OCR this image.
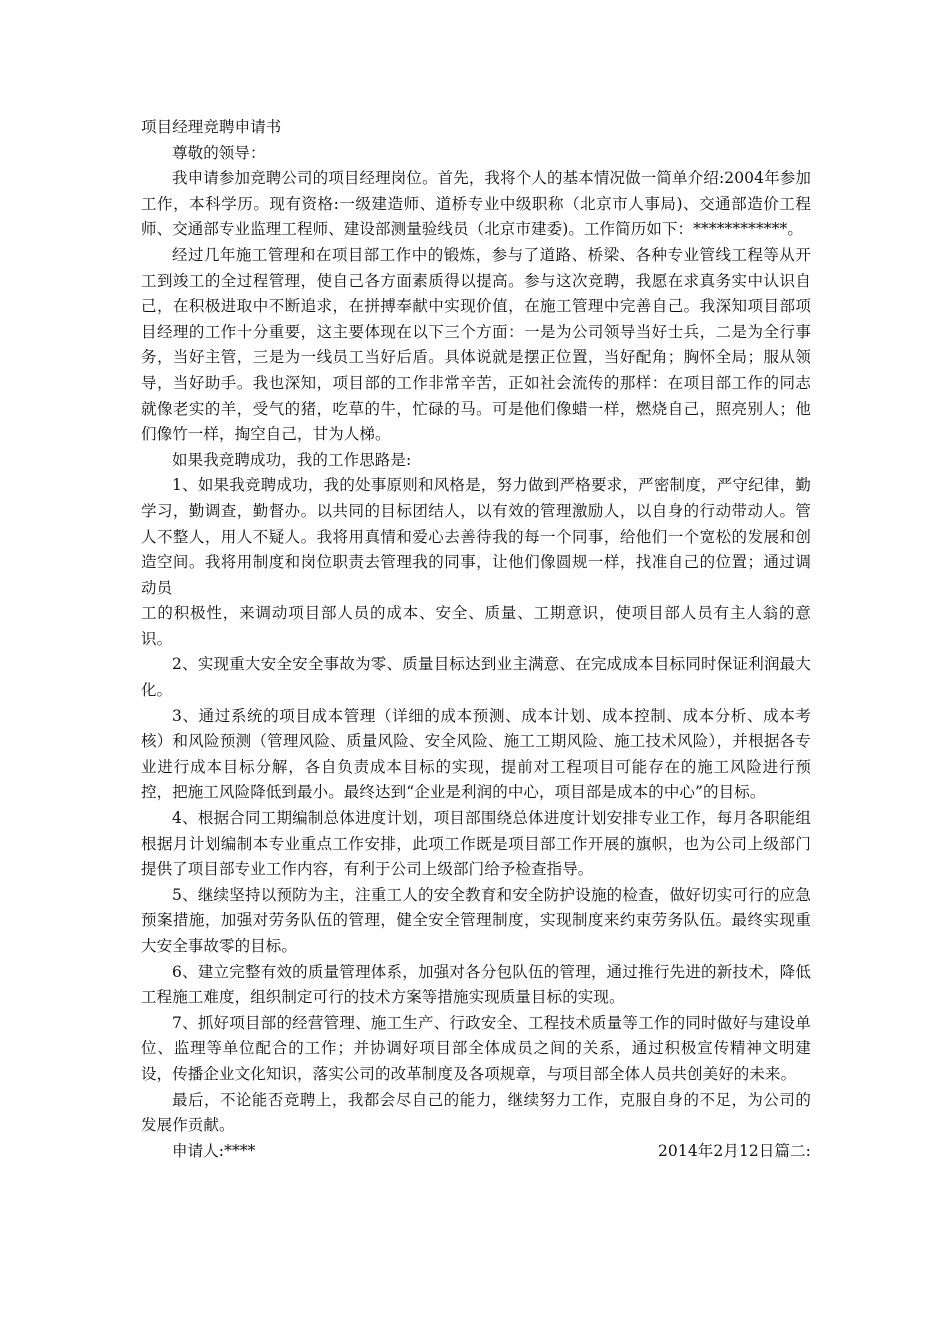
项目经理竞聘申请书
尊敬的领导：
我申请参加竞聘公司的项目经理岗位。首先，我将个人的基本情况做一简单介绍:2004年参加工作，本科学历。现有资格:一级建造师、道桥专业中级职称（北京市人事局)、交通部造价工程师、交通部专业监理工程师、建设部测量验线员（北京市建委)。工作简历如下：************。
经过几年施工管理和在项目部工作中的锻炼，参与了道路、桥梁、各种专业管线工程等从开工到竣工的全过程管理，使自己各方面素质得以提高。参与这次竞聘，我愿在求真务实中认识自己，在积极进取中不断追求，在拼搏奉献中实现价值，在施工管理中完善自己。我深知项目部项目经理的工作十分重要，这主要体现在以下三个方面：一是为公司领导当好士兵，二是为全行事务，当好主管，三是为一线员工当好后盾。具体说就是摆正位置，当好配角；胸怀全局；服从领导，当好助手。我也深知，项目部的工作非常辛苦，正如社会流传的那样：在项目部工作的同志就像老实的羊，受气的猪，吃草的牛，忙碌的马。可是他们像蜡一样，燃烧自己，照亮别人；他们像竹一样，掏空自己，甘为人梯。
如果我竞聘成功，我的工作思路是:
1、如果我竞聘成功，我的处事原则和风格是，努力做到严格要求，严密制度，严守纪律，勤学习，勤调查，勤督办。以共同的目标团结人，以有效的管理激励人，以自身的行动带动人。管人不整人，用人不疑人。我将用真情和爱心去善待我的每一个同事，给他们一个宽松的发展和创造空间。我将用制度和岗位职责去管理我的同事，让他们像圆规一样，找准自己的位置；通过调动员
工的积极性，来调动项目部人员的成本、安全、质量、工期意识，使项目部人员有主人翁的意识。
2、实现重大安全安全事故为零、质量目标达到业主满意、在完成成本目标同时保证利润最大化。
3、通过系统的项目成本管理（详细的成本预测、成本计划、成本控制、成本分析、成本考核）和风险预测（管理风险、质量风险、安全风险、施工工期风险、施工技术风险），并根据各专业进行成本目标分解，各自负责成本目标的实现，提前对工程项目可能存在的施工风险进行预控，把施工风险降低到最小。最终达到“企业是利润的中心，项目部是成本的中心”的目标。
4、根据合同工期编制总体进度计划，项目部围绕总体进度计划安排专业工作，每月各职能组根据月计划编制本专业重点工作安排，此项工作既是项目部工作开展的旗帜，也为公司上级部门提供了项目部专业工作内容，有利于公司上级部门给予检查指导。
5、继续坚持以预防为主，注重工人的安全教育和安全防护设施的检查，做好切实可行的应急预案措施，加强对劳务队伍的管理，健全安全管理制度，实现制度来约束劳务队伍。最终实现重大安全事故零的目标。
6、建立完整有效的质量管理体系，加强对各分包队伍的管理，通过推行先进的新技术，降低工程施工难度，组织制定可行的技术方案等措施实现质量目标的实现。
7、抓好项目部的经营管理、施工生产、行政安全、工程技术质量等工作的同时做好与建设单位、监理等单位配合的工作；并协调好项目部全体成员之间的关系，通过积极宣传精神文明建设，传播企业文化知识，落实公司的改革制度及各项规章，与项目部全体人员共创美好的未来。
最后，不论能否竞聘上，我都会尽自己的能力，继续努力工作，克服自身的不足，为公司的发展作贡献。
申请人:****	2014年2月12日篇二:
